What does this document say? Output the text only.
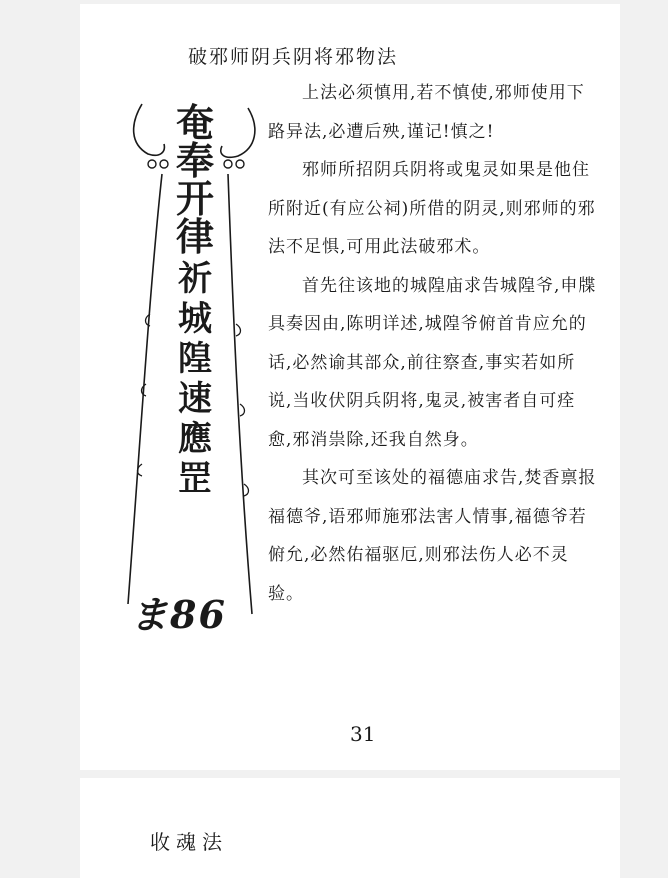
破邪师阴兵阴将邪物法
奄
奉
开
律
祈
城
隍
速
應
罡
ま86

上法必须慎用,若不慎使,邪师使用下路异法,必遭后殃,谨记!慎之!

邪师所招阴兵阴将或鬼灵如果是他住所附近(有应公祠)所借的阴灵,则邪师的邪法不足惧,可用此法破邪术。

首先往该地的城隍庙求告城隍爷,申牒具奏因由,陈明详述,城隍爷俯首肯应允的话,必然谕其部众,前往察查,事实若如所说,当收伏阴兵阴将,鬼灵,被害者自可痊愈,邪消祟除,还我自然身。

其次可至该处的福德庙求告,焚香禀报福德爷,语邪师施邪法害人情事,福德爷若俯允,必然佑福驱厄,则邪法伤人必不灵验。

31
收魂法
